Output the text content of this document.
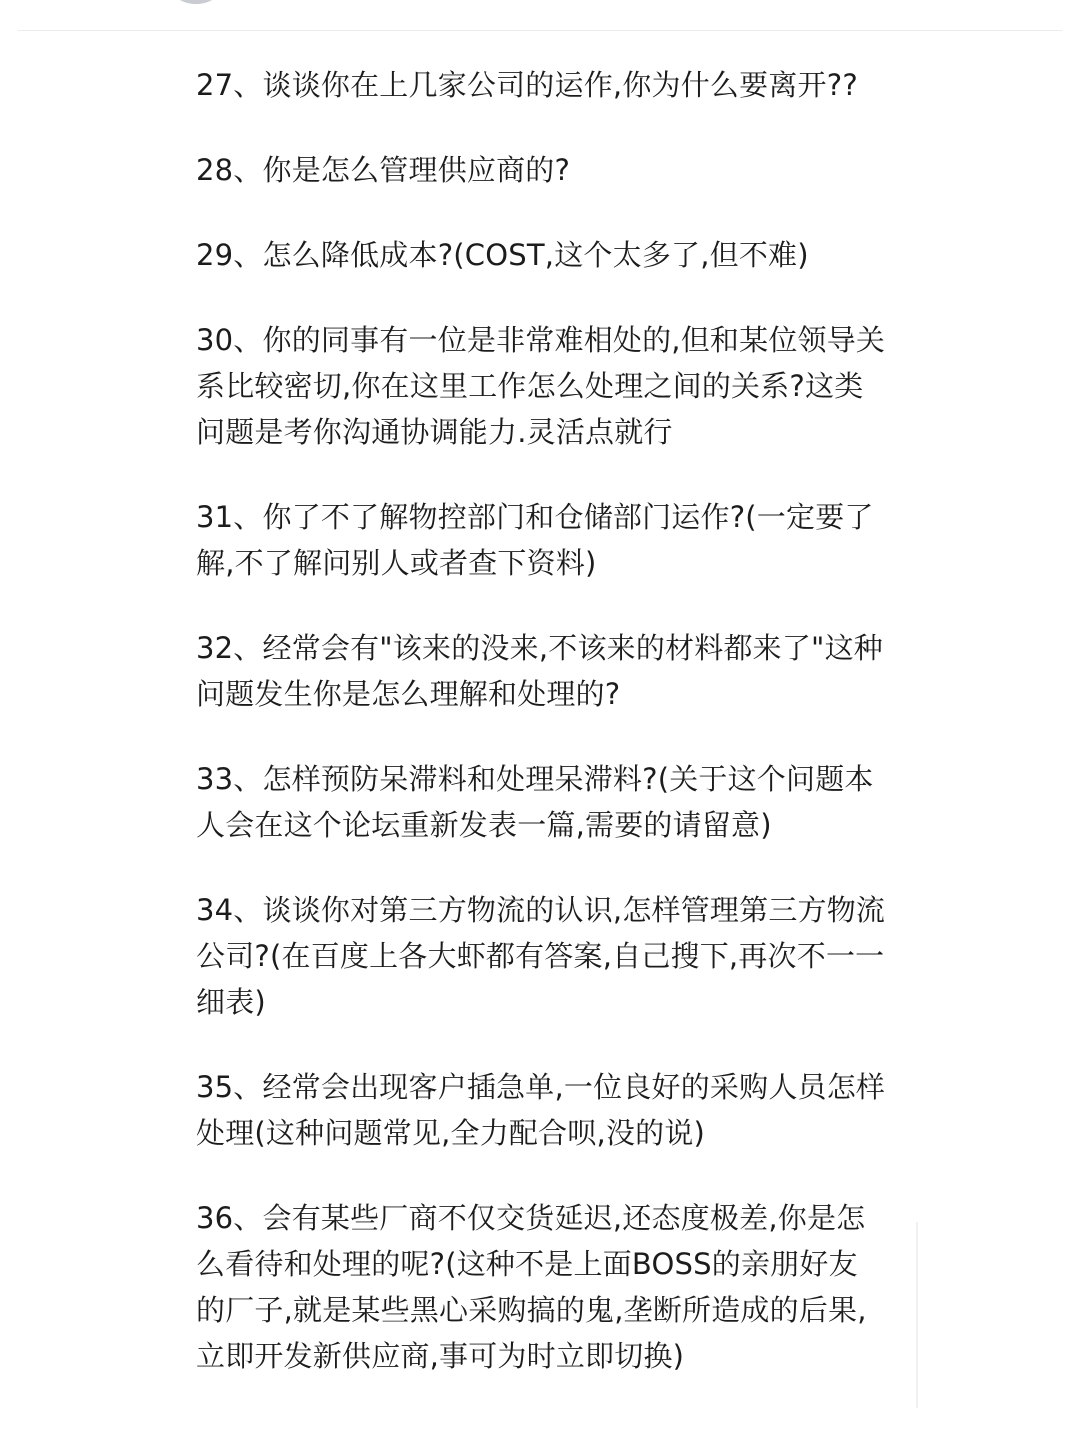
27、谈谈你在上几家公司的运作,你为什么要离开??
28、你是怎么管理供应商的?
29、怎么降低成本?(COST,这个太多了,但不难)
30、你的同事有一位是非常难相处的,但和某位领导关系比较密切,你在这里工作怎么处理之间的关系?这类问题是考你沟通协调能力.灵活点就行
31、你了不了解物控部门和仓储部门运作?(一定要了解,不了解问别人或者查下资料)
32、经常会有"该来的没来,不该来的材料都来了"这种问题发生你是怎么理解和处理的?
33、怎样预防呆滞料和处理呆滞料?(关于这个问题本人会在这个论坛重新发表一篇,需要的请留意)
34、谈谈你对第三方物流的认识,怎样管理第三方物流公司?(在百度上各大虾都有答案,自己搜下,再次不一一细表)
35、经常会出现客户插急单,一位良好的采购人员怎样处理(这种问题常见,全力配合呗,没的说)
36、会有某些厂商不仅交货延迟,还态度极差,你是怎么看待和处理的呢?(这种不是上面BOSS的亲朋好友的厂子,就是某些黑心采购搞的鬼,垄断所造成的后果,立即开发新供应商,事可为时立即切换)
